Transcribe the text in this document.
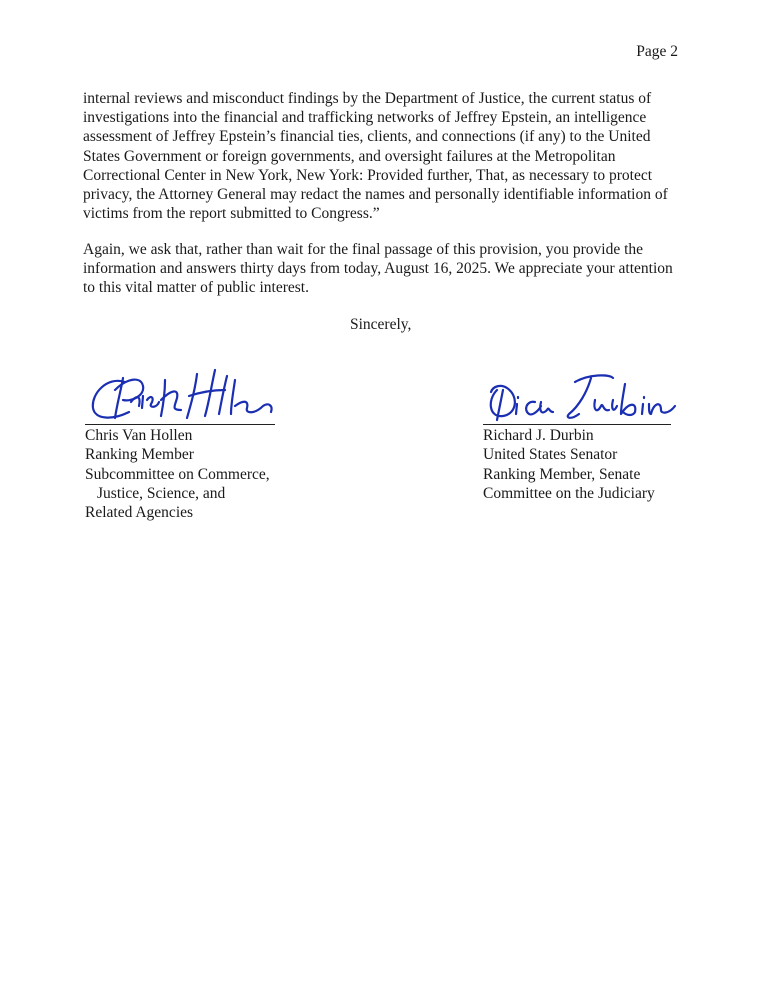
Page 2

internal reviews and misconduct findings by the Department of Justice, the current status of
investigations into the financial and trafficking networks of Jeffrey Epstein, an intelligence
assessment of Jeffrey Epstein’s financial ties, clients, and connections (if any) to the United
States Government or foreign governments, and oversight failures at the Metropolitan
Correctional Center in New York, New York: Provided further, That, as necessary to protect
privacy, the Attorney General may redact the names and personally identifiable information of
victims from the report submitted to Congress.”

Again, we ask that, rather than wait for the final passage of this provision, you provide the
information and answers thirty days from today, August 16, 2025. We appreciate your attention
to this vital matter of public interest.

Sincerely,
Chris Van Hollen
Ranking Member
Subcommittee on Commerce,
Justice, Science, and
Related Agencies
Richard J. Durbin
United States Senator
Ranking Member, Senate
Committee on the Judiciary
